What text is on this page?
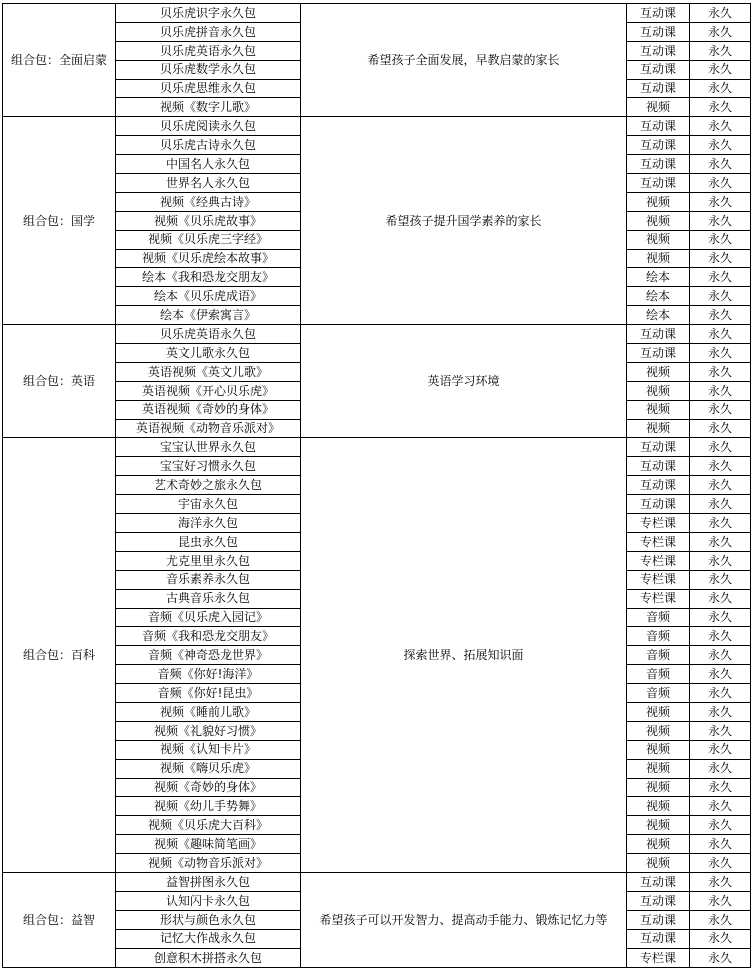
组合包：全面启蒙	贝乐虎识字永久包	希望孩子全面发展，早教启蒙的家长	互动课	永久
	贝乐虎拼音永久包		互动课	永久
	贝乐虎英语永久包		互动课	永久
	贝乐虎数学永久包		互动课	永久
	贝乐虎思维永久包		互动课	永久
	视频《数字儿歌》		视频	永久
组合包：国学	贝乐虎阅读永久包	希望孩子提升国学素养的家长	互动课	永久
	贝乐虎古诗永久包		互动课	永久
	中国名人永久包		互动课	永久
	世界名人永久包		互动课	永久
	视频《经典古诗》		视频	永久
	视频《贝乐虎故事》		视频	永久
	视频《贝乐虎三字经》		视频	永久
	视频《贝乐虎绘本故事》		视频	永久
	绘本《我和恐龙交朋友》		绘本	永久
	绘本《贝乐虎成语》		绘本	永久
	绘本《伊索寓言》		绘本	永久
组合包：英语	贝乐虎英语永久包	英语学习环境	互动课	永久
	英文儿歌永久包		互动课	永久
	英语视频《英文儿歌》		视频	永久
	英语视频《开心贝乐虎》		视频	永久
	英语视频《奇妙的身体》		视频	永久
	英语视频《动物音乐派对》		视频	永久
组合包：百科	宝宝认世界永久包	探索世界、拓展知识面	互动课	永久
	宝宝好习惯永久包		互动课	永久
	艺术奇妙之旅永久包		互动课	永久
	宇宙永久包		互动课	永久
	海洋永久包		专栏课	永久
	昆虫永久包		专栏课	永久
	尤克里里永久包		专栏课	永久
	音乐素养永久包		专栏课	永久
	古典音乐永久包		专栏课	永久
	音频《贝乐虎入园记》		音频	永久
	音频《我和恐龙交朋友》		音频	永久
	音频《神奇恐龙世界》		音频	永久
	音频《你好!海洋》		音频	永久
	音频《你好!昆虫》		音频	永久
	视频《睡前儿歌》		视频	永久
	视频《礼貌好习惯》		视频	永久
	视频《认知卡片》		视频	永久
	视频《嗨贝乐虎》		视频	永久
	视频《奇妙的身体》		视频	永久
	视频《幼儿手势舞》		视频	永久
	视频《贝乐虎大百科》		视频	永久
	视频《趣味简笔画》		视频	永久
	视频《动物音乐派对》		视频	永久
组合包：益智	益智拼图永久包	希望孩子可以开发智力、提高动手能力、锻炼记忆力等	互动课	永久
	认知闪卡永久包		互动课	永久
	形状与颜色永久包		互动课	永久
	记忆大作战永久包		互动课	永久
	创意积木拼搭永久包		专栏课	永久
